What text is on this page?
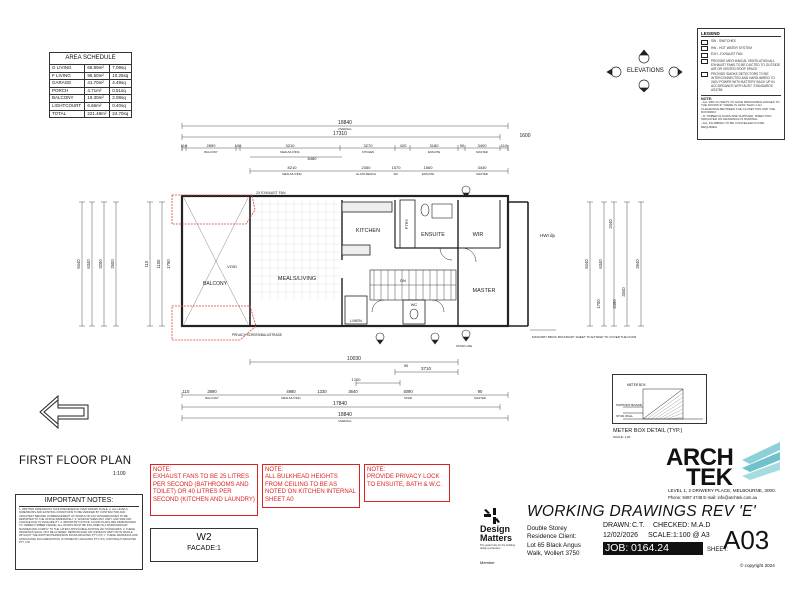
AREA SCHEDULE
G LIVING	68.89m²	7.09sq
F LIVING	95.50m²	10.25sq
GARAGE	41.70m²	4.49sq
PORCH	4.71m²	0.51sq
BALCONY	19.30m²	2.08sq
LIGHTCOURT	6.66m²	0.40sq
TOTAL	221.48m²	24.70sq
ELEVATIONS
LEGEND
SW - SWITCHES
HW - HOT WATER SYSTEM
EXH - EXHAUST FAN
PROVIDE MECHANICAL VENTILATION ALL EXHAUST FANS TO BE DUCTED TO OUTSIDE AIR OR VENTED ROOF SPACE
PROVIDE SMOKE DETECTORS TO BE INTERCONNECTED AND HARD-WIRED TO 240V POWER WITH BATTERY BACK UP IN ACCORDANCE WITH AUST. STANDARDS AS3786
NOTE:
- ALL WIR CLOSETS TO HAVE REMOVABLE HINGES TO THE DOORS IF THERE IS LESS THAN 1.2m CLEARANCE BETWEEN THE CLOSET PAN AND THE DOORWAY
- IF TIMBER FLOORS ARE SUPPLIED, DIRECTION INDICATED ON DRAWINGS IS NOMINAL
- ALL PLUMBING TO BE CONCEALED IN FRE REQUIRED.
MEALS/LIVING
KITCHEN
ENSUITE	WIR
MASTER
BALCONY
PTRY
LINEN
WC
DN
VOID
18840
OVERALL
17310	1600
110	2890	100	3210	3270	420	3180	90	3400	110
BALCONY	MEALS/LIVING	KITCHEN	ENSUITE	MASTER
8210
8480
2350	1570	1560	3430
MEALS/LIVING	GLASS BENCH	WC	ENSUITE	MASTER
10030
3710
1700
90
4980
2890
110	1330	3640	4090	90
BALCONY	MEALS/LIVING	STAIR	MASTER
17840
18840
OVERALL
6440 6340 3200 2600	110 1100 1790	6440 6340
2440
3340
2640
1700	2490
2X EXHAUST FAN
PRIVACY SCREEN/BALUSTRADE
HWI dp
STAIR LINE
MASONRY BRICK BOUNDARY SHEET TO EXTEND TO COVER THE FOAM
FIRST FLOOR PLAN
1:100
NOTE:
EXHAUST FANS TO BE 25 LITRES PER SECOND (BATHROOMS AND TOILET) OR 40 LITRES PER SECOND (KITCHEN AND LAUNDRY)
NOTE:
ALL BULKHEAD HEIGHTS FROM CEILING TO BE AS NOTED ON KITCHEN INTERNAL SHEET A0
NOTE:
PROVIDE PRIVACY LOCK TO ENSUITE, BATH & W.C.
IMPORTANT NOTES:
1. WRITTEN DIMENSIONS TAKE PRECEDENCE OVER DRAWN SCALE. 2. ALL LEVELS, DIMENSIONS AND EXISTING CONDITIONS TO BE VERIFIED BY CONTRACTOR AND ARCHITEKT BEFORE COMMENCEMENT OF WORKS OR ANY DISCREPANCIES TO BE REPORTED TO THE OFFICE IMMEDIATELY. 3. WINDOW SIZES MAY VARY, AND SIZE MAY CHANGE DUE TO AVAILABILITY. 4. IMPORTANT NOTICE: FLOOR PLANS ARE DIMENSIONED TO TIMBER (TIMBER FRAME). ALL WORKS MUST BE INCLUDED IN A WORKMANSHIP MANNER AND COMPLY TO THE LATEST APPLICABLE AUSTRALIAN STANDARDS. 4. THESE DRAWINGS SHALL NOT BE ALTERED, REPRODUCED OR COPIED IN PART OR IN WHOLE WITHOUT THE WRITTEN PERMISSION FROM ARCHITEK PTY LTD. 7. THESE DRAWINGS AND ASSOCIATED DOCUMENTATION IS OWNED BY ARCHITEK PTY LTD. COPYRIGHT ARCHITEK PTY LTD.	W2
FACADE:1
METER BOX
SUPPORT BOARD
STUD WALL
METER BOX DETAIL (TYP.)
SCALE: 1:20
ARCH
TEK
LEVEL 1, 2 DRIWERY PLACE, MELBOURNE, 3000.
Phone: 9487 4748 E-mail: info@archtek.com.au
Design
Matters
The peak body for the building design profession
Member
WORKING DRAWINGS REV 'E'
Double Storey
Residence Client:
Lot 65 Black Angus
Walk, Wollert 3750
DRAWN: C.T. CHECKED: M.A.D
12/02/2026 SCALE: 1:100 @ A3
JOB: 0164.24	SHEET:
A03
© copyright 2024
